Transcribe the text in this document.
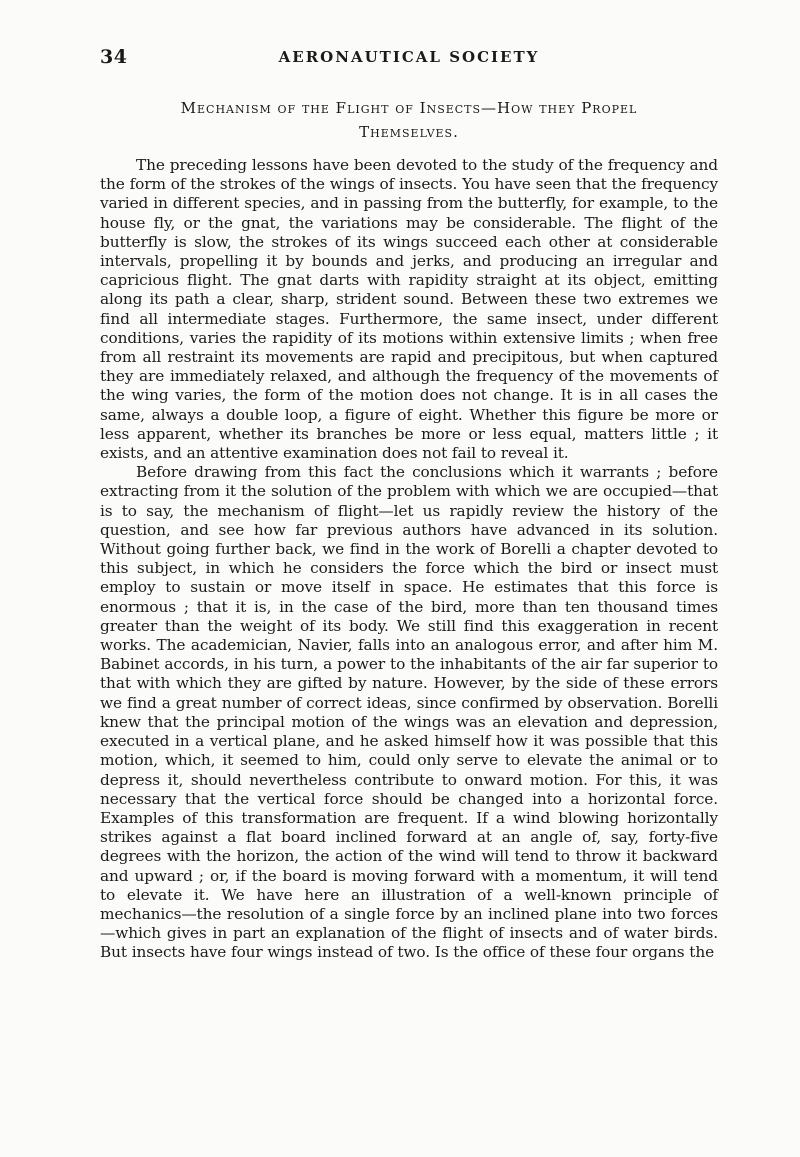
34	AERONAUTICAL SOCIETY
Mechanism of the Flight of Insects—How they Propel
Themselves.

The preceding lessons have been devoted to the study of the frequency and the form of the strokes of the wings of insects. You have seen that the frequency varied in different species, and in passing from the butterfly, for example, to the house fly, or the gnat, the variations may be considerable. The flight of the butterfly is slow, the strokes of its wings succeed each other at considerable intervals, propelling it by bounds and jerks, and producing an irregular and capricious flight. The gnat darts with rapidity straight at its object, emitting along its path a clear, sharp, strident sound. Between these two extremes we find all intermediate stages. Furthermore, the same insect, under different conditions, varies the rapidity of its motions within extensive limits ; when free from all restraint its movements are rapid and precipitous, but when captured they are immediately relaxed, and although the frequency of the movements of the wing varies, the form of the motion does not change. It is in all cases the same, always a double loop, a figure of eight. Whether this figure be more or less apparent, whether its branches be more or less equal, matters little ; it exists, and an attentive examination does not fail to reveal it.

Before drawing from this fact the conclusions which it warrants ; before extracting from it the solution of the problem with which we are occupied—that is to say, the mechanism of flight—let us rapidly review the history of the question, and see how far previous authors have advanced in its solution. Without going further back, we find in the work of Borelli a chapter devoted to this subject, in which he considers the force which the bird or insect must employ to sustain or move itself in space. He estimates that this force is enormous ; that it is, in the case of the bird, more than ten thousand times greater than the weight of its body. We still find this exaggeration in recent works. The academician, Navier, falls into an analogous error, and after him M. Babinet accords, in his turn, a power to the inhabitants of the air far superior to that with which they are gifted by nature. However, by the side of these errors we find a great number of correct ideas, since confirmed by observation. Borelli knew that the principal motion of the wings was an elevation and depression, executed in a vertical plane, and he asked himself how it was possible that this motion, which, it seemed to him, could only serve to elevate the animal or to depress it, should nevertheless contribute to onward motion. For this, it was necessary that the vertical force should be changed into a horizontal force. Examples of this transformation are frequent. If a wind blowing horizontally strikes against a flat board inclined forward at an angle of, say, forty-five degrees with the horizon, the action of the wind will tend to throw it backward and upward ; or, if the board is moving forward with a momentum, it will tend to elevate it. We have here an illustration of a well-known principle of mechanics—the resolution of a single force by an inclined plane into two forces—which gives in part an explanation of the flight of insects and of water birds. But insects have four wings instead of two. Is the office of these four organs the
